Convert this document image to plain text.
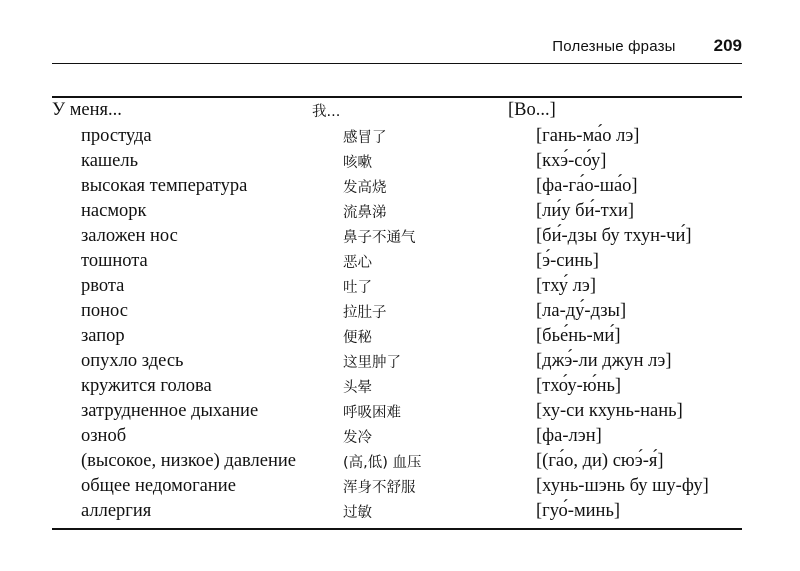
Полезные фразы 209
У меня...	我...	[Во...]
простуда	感冒了	[гань-ма́о лэ]
кашель	咳嗽	[кхэ́-со́у]
высокая температура	发高烧	[фа-га́о-ша́о]
насморк	流鼻涕	[ли́у би́-тхи]
заложен нос	鼻子不通气	[би́-дзы бу тхун-чи́]
тошнота	恶心	[э́-синь]
рвота	吐了	[тху́ лэ]
понос	拉肚子	[ла-ду́-дзы]
запор	便秘	[бье́нь-ми́]
опухло здесь	这里肿了	[джэ́-ли джун лэ]
кружится голова	头晕	[тхо́у-ю́нь]
затрудненное дыхание	呼吸困难	[ху-си кхунь-нань]
озноб	发冷	[фа-лэн]
(высокое, низкое) давление	(高,低) 血压	[(га́о, ди) сюэ́-я́]
общее недомогание	浑身不舒服	[хунь-шэнь бу шу-фу]
аллергия	过敏	[гуо́-минь]
